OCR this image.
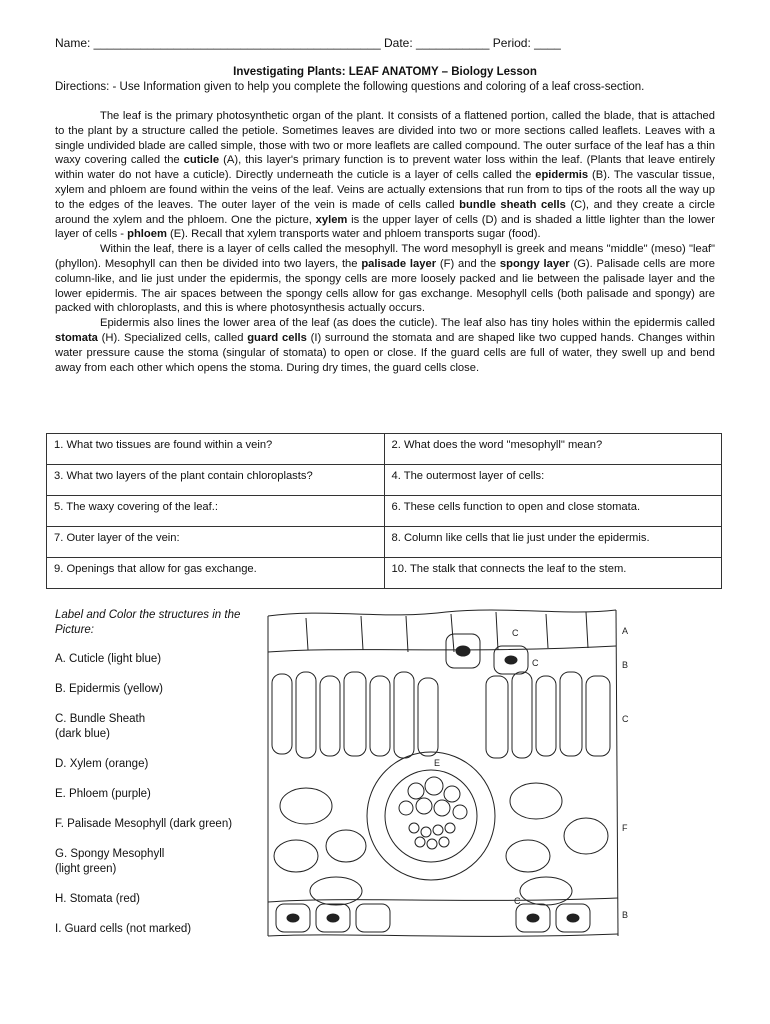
Name: ___________________________________________ Date: ___________ Period: ____
Investigating Plants: LEAF ANATOMY – Biology Lesson
Directions: - Use Information given to help you complete the following questions and coloring of a leaf cross-section.

The leaf is the primary photosynthetic organ of the plant. It consists of a flattened portion, called the blade, that is attached to the plant by a structure called the petiole. Sometimes leaves are divided into two or more sections called leaflets. Leaves with a single undivided blade are called simple, those with two or more leaflets are called compound. The outer surface of the leaf has a thin waxy covering called the cuticle (A), this layer's primary function is to prevent water loss within the leaf. (Plants that leave entirely within water do not have a cuticle). Directly underneath the cuticle is a layer of cells called the epidermis (B). The vascular tissue, xylem and phloem are found within the veins of the leaf. Veins are actually extensions that run from to tips of the roots all the way up to the edges of the leaves. The outer layer of the vein is made of cells called bundle sheath cells (C), and they create a circle around the xylem and the phloem. One the picture, xylem is the upper layer of cells (D) and is shaded a little lighter than the lower layer of cells - phloem (E). Recall that xylem transports water and phloem transports sugar (food).

Within the leaf, there is a layer of cells called the mesophyll. The word mesophyll is greek and means "middle" (meso) "leaf" (phyllon). Mesophyll can then be divided into two layers, the palisade layer (F) and the spongy layer (G). Palisade cells are more column-like, and lie just under the epidermis, the spongy cells are more loosely packed and lie between the palisade layer and the lower epidermis. The air spaces between the spongy cells allow for gas exchange. Mesophyll cells (both palisade and spongy) are packed with chloroplasts, and this is where photosynthesis actually occurs.

Epidermis also lines the lower area of the leaf (as does the cuticle). The leaf also has tiny holes within the epidermis called stomata (H). Specialized cells, called guard cells (I) surround the stomata and are shaped like two cupped hands. Changes within water pressure cause the stoma (singular of stomata) to open or close. If the guard cells are full of water, they swell up and bend away from each other which opens the stoma. During dry times, the guard cells close.

1. What two tissues are found within a vein?	2. What does the word "mesophyll" mean?
3. What two layers of the plant contain chloroplasts?	4. The outermost layer of cells:
5. The waxy covering of the leaf.:	6. These cells function to open and close stomata.
7. Outer layer of the vein:	8. Column like cells that lie just under the epidermis.
9. Openings that allow for gas exchange.	10. The stalk that connects the leaf to the stem.
Label and Color the structures in the Picture:
A. Cuticle (light blue)
B. Epidermis (yellow)
C. Bundle Sheath
(dark blue)
D. Xylem (orange)
E. Phloem (purple)
F. Palisade Mesophyll (dark green)
G. Spongy Mesophyll
(light green)
H. Stomata (red)
I. Guard cells (not marked)
A
B
C
F
B
C
C
E
C
